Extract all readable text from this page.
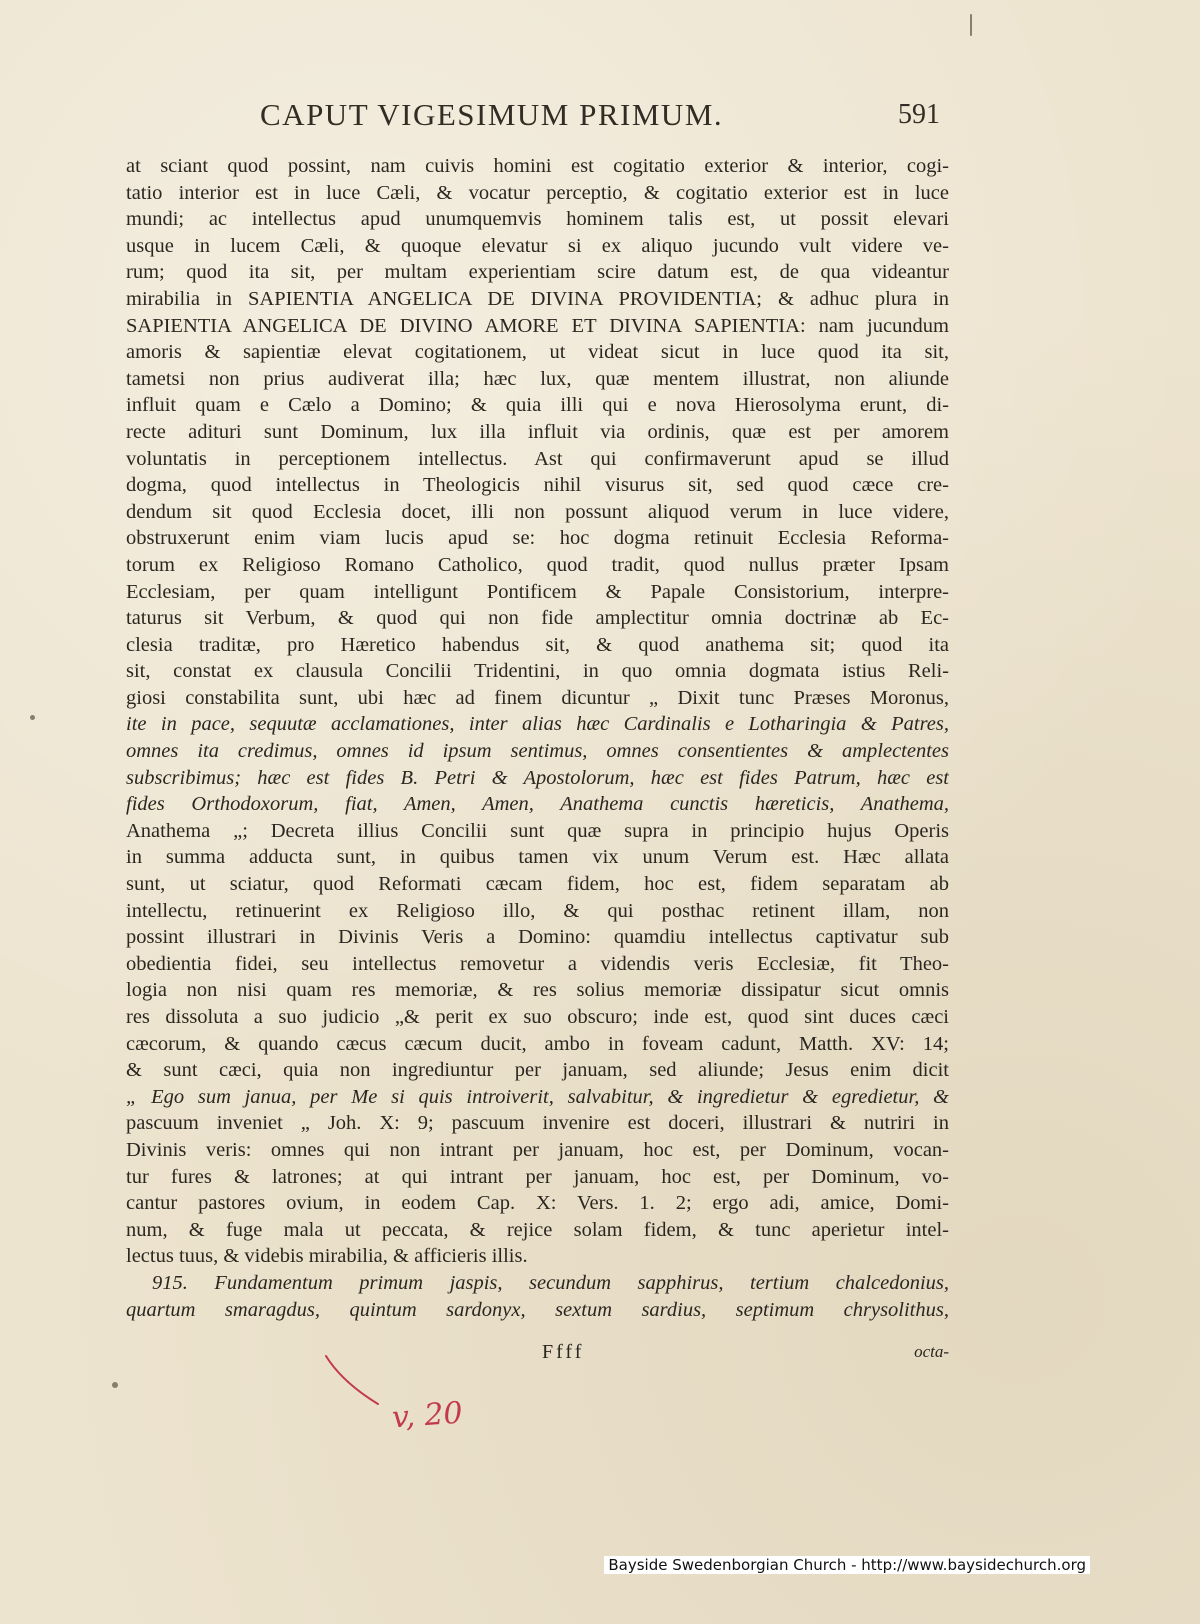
CAPUT VIGESIMUM PRIMUM.	591
at sciant quod possint, nam cuivis homini est cogitatio exterior & interior, cogi-
tatio interior est in luce Cæli, & vocatur perceptio, & cogitatio exterior est in luce
mundi; ac intellectus apud unumquemvis hominem talis est, ut possit elevari
usque in lucem Cæli, & quoque elevatur si ex aliquo jucundo vult videre ve-
rum; quod ita sit, per multam experientiam scire datum est, de qua videantur
mirabilia in SAPIENTIA ANGELICA DE DIVINA PROVIDENTIA; & adhuc plura in
SAPIENTIA ANGELICA DE DIVINO AMORE ET DIVINA SAPIENTIA: nam jucundum
amoris & sapientiæ elevat cogitationem, ut videat sicut in luce quod ita sit,
tametsi non prius audiverat illa; hæc lux, quæ mentem illustrat, non aliunde
influit quam e Cælo a Domino; & quia illi qui e nova Hierosolyma erunt, di-
recte adituri sunt Dominum, lux illa influit via ordinis, quæ est per amorem
voluntatis in perceptionem intellectus. Ast qui confirmaverunt apud se illud
dogma, quod intellectus in Theologicis nihil visurus sit, sed quod cæce cre-
dendum sit quod Ecclesia docet, illi non possunt aliquod verum in luce videre,
obstruxerunt enim viam lucis apud se: hoc dogma retinuit Ecclesia Reforma-
torum ex Religioso Romano Catholico, quod tradit, quod nullus præter Ipsam
Ecclesiam, per quam intelligunt Pontificem & Papale Consistorium, interpre-
taturus sit Verbum, & quod qui non fide amplectitur omnia doctrinæ ab Ec-
clesia traditæ, pro Hæretico habendus sit, & quod anathema sit; quod ita
sit, constat ex clausula Concilii Tridentini, in quo omnia dogmata istius Reli-
giosi constabilita sunt, ubi hæc ad finem dicuntur „ Dixit tunc Præses Moronus,
ite in pace, sequutæ acclamationes, inter alias hæc Cardinalis e Lotharingia & Patres,
omnes ita credimus, omnes id ipsum sentimus, omnes consentientes & amplectentes
subscribimus; hæc est fides B. Petri & Apostolorum, hæc est fides Patrum, hæc est
fides Orthodoxorum, fiat, Amen, Amen, Anathema cunctis hæreticis, Anathema,
Anathema „; Decreta illius Concilii sunt quæ supra in principio hujus Operis
in summa adducta sunt, in quibus tamen vix unum Verum est. Hæc allata
sunt, ut sciatur, quod Reformati cæcam fidem, hoc est, fidem separatam ab
intellectu, retinuerint ex Religioso illo, & qui posthac retinent illam, non
possint illustrari in Divinis Veris a Domino: quamdiu intellectus captivatur sub
obedientia fidei, seu intellectus removetur a videndis veris Ecclesiæ, fit Theo-
logia non nisi quam res memoriæ, & res solius memoriæ dissipatur sicut omnis
res dissoluta a suo judicio „& perit ex suo obscuro; inde est, quod sint duces cæci
cæcorum, & quando cæcus cæcum ducit, ambo in foveam cadunt, Matth. XV: 14;
& sunt cæci, quia non ingrediuntur per januam, sed aliunde; Jesus enim dicit
„ Ego sum janua, per Me si quis introiverit, salvabitur, & ingredietur & egredietur, &
pascuum inveniet „ Joh. X: 9; pascuum invenire est doceri, illustrari & nutriri in
Divinis veris: omnes qui non intrant per januam, hoc est, per Dominum, vocan-
tur fures & latrones; at qui intrant per januam, hoc est, per Dominum, vo-
cantur pastores ovium, in eodem Cap. X: Vers. 1. 2; ergo adi, amice, Domi-
num, & fuge mala ut peccata, & rejice solam fidem, & tunc aperietur intel-
lectus tuus, & videbis mirabilia, & afficieris illis.
915. Fundamentum primum jaspis, secundum sapphirus, tertium chalcedonius,
quartum smaragdus, quintum sardonyx, sextum sardius, septimum chrysolithus,
Ffff	octa-
v, 20
Bayside Swedenborgian Church - http://www.baysidechurch.org
